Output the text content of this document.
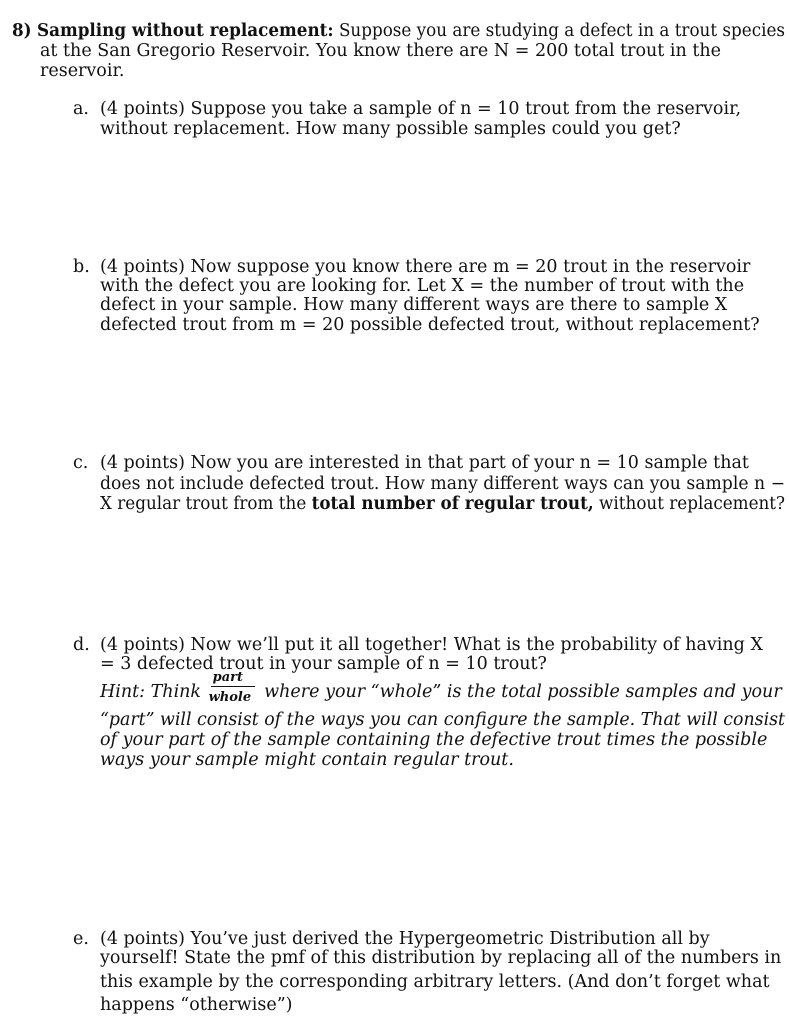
8) Sampling without replacement: Suppose you are studying a defect in a trout species
at the San Gregorio Reservoir. You know there are N = 200 total trout in the
reservoir.
a. (4 points) Suppose you take a sample of n = 10 trout from the reservoir,
without replacement. How many possible samples could you get?
b. (4 points) Now suppose you know there are m = 20 trout in the reservoir
with the defect you are looking for. Let X = the number of trout with the
defect in your sample. How many different ways are there to sample X
defected trout from m = 20 possible defected trout, without replacement?
c. (4 points) Now you are interested in that part of your n = 10 sample that
does not include defected trout. How many different ways can you sample n −
X regular trout from the total number of regular trout, without replacement?
d. (4 points) Now we’ll put it all together! What is the probability of having X
= 3 defected trout in your sample of n = 10 trout?
Hint: Think $\frac{\text{part}}{\text{whole}}$ where your “whole” is the total possible samples and your
“part” will consist of the ways you can configure the sample. That will consist
of your part of the sample containing the defective trout times the possible
ways your sample might contain regular trout.
e. (4 points) You’ve just derived the Hypergeometric Distribution all by
yourself! State the pmf of this distribution by replacing all of the numbers in
this example by the corresponding arbitrary letters. (And don’t forget what
happens “otherwise”)
